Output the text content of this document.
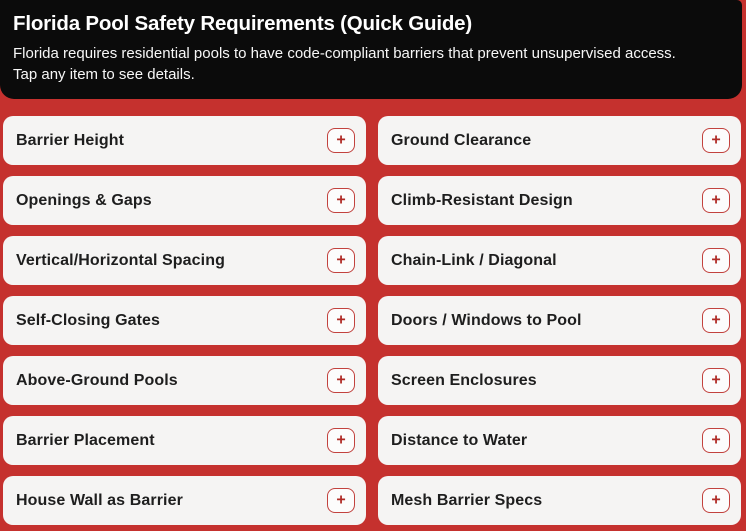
Florida Pool Safety Requirements (Quick Guide)

Florida requires residential pools to have code-compliant barriers that prevent unsupervised access.
Tap any item to see details.

Barrier Height	+	Ground Clearance	+
Openings & Gaps	+	Climb-Resistant Design	+
Vertical/Horizontal Spacing	+	Chain-Link / Diagonal	+
Self-Closing Gates	+	Doors / Windows to Pool	+
Above-Ground Pools	+	Screen Enclosures	+
Barrier Placement	+	Distance to Water	+
House Wall as Barrier	+	Mesh Barrier Specs	+
